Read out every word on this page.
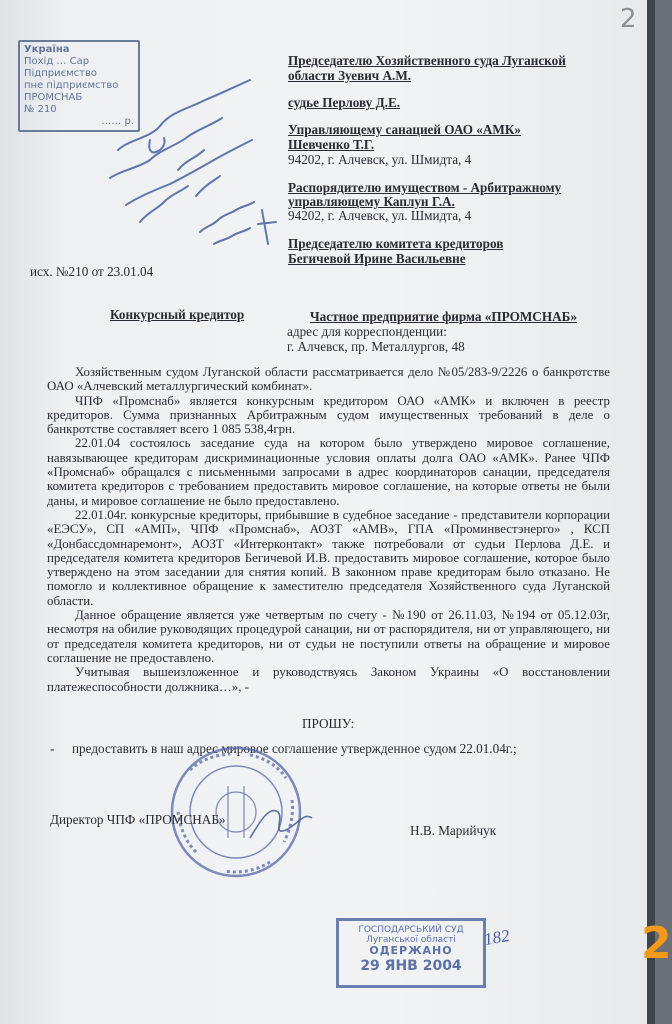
2
Україна
Похід … Сар
Підприємство
пне підприємство
ПРОМСНАБ
№ 210
…… р.
Председателю Хозяйственного суда Луганской
области Зуевич А.М.
судье Перлову Д.Е.
Управляющему санацией ОАО «АМК»
Шевченко Т.Г.
94202, г. Алчевск, ул. Шмидта, 4
Распорядителю имуществом - Арбитражному
управляющему Каплун Г.А.
94202, г. Алчевск, ул. Шмидта, 4
Председателю комитета кредиторов
Бегичевой Ирине Васильевне
исх. №210 от 23.01.04
Конкурсный кредитор	Частное предприятие фирма «ПРОМСНАБ»
адрес для корреспонденции:
г. Алчевск, пр. Металлургов, 48

Хозяйственным судом Луганской области рассматривается дело №05/283-9/2226 о банкротстве ОАО «Алчевский металлургический комбинат».

ЧПФ «Промснаб» является конкурсным кредитором ОАО «АМК» и включен в реестр кредиторов. Сумма признанных Арбитражным судом имущественных требований в деле о банкротстве составляет всего 1 085 538,4грн.

22.01.04 состоялось заседание суда на котором было утверждено мировое соглашение, навязывающее кредиторам дискриминационные условия оплаты долга ОАО «АМК». Ранее ЧПФ «Промснаб» обращался с письменными запросами в адрес координаторов санации, председателя комитета кредиторов с требованием предоставить мировое соглашение, на которые ответы не были даны, и мировое соглашение не было предоставлено.

22.01.04г. конкурсные кредиторы, прибывшие в судебное заседание - представители корпорации «ЕЭСУ», СП «АМП», ЧПФ «Промснаб», АОЗТ «АМВ», ГПА «Проминвестэнерго» , КСП «Донбассдомнаремонт», АОЗТ «Интерконтакт» также потребовали от судьи Перлова Д.Е. и председателя комитета кредиторов Бегичевой И.В. предоставить мировое соглашение, которое было утверждено на этом заседании для снятия копий. В законном праве кредиторам было отказано. Не помогло и коллективное обращение к заместителю председателя Хозяйственного суда Луганской области.

Данное обращение является уже четвертым по счету - №190 от 26.11.03, №194 от 05.12.03г, несмотря на обилие руководящих процедурой санации, ни от распорядителя, ни от управляющего, ни от председателя комитета кредиторов, ни от судьи не поступили ответы на обращение и мировое соглашение не предоставлено.

Учитывая вышеизложенное и руководствуясь Законом Украины «О восстановлении платежеспособности должника…», -

ПРОШУ:
- предоставить в наш адрес мировое соглашение утвержденное судом 22.01.04г.;
Директор ЧПФ «ПРОМСНАБ»
Н.В. Марийчук
ГОСПОДАРСЬКИЙ СУД
Луганської області
ОДЕРЖАНО
29 ЯНВ 2004
182	2
